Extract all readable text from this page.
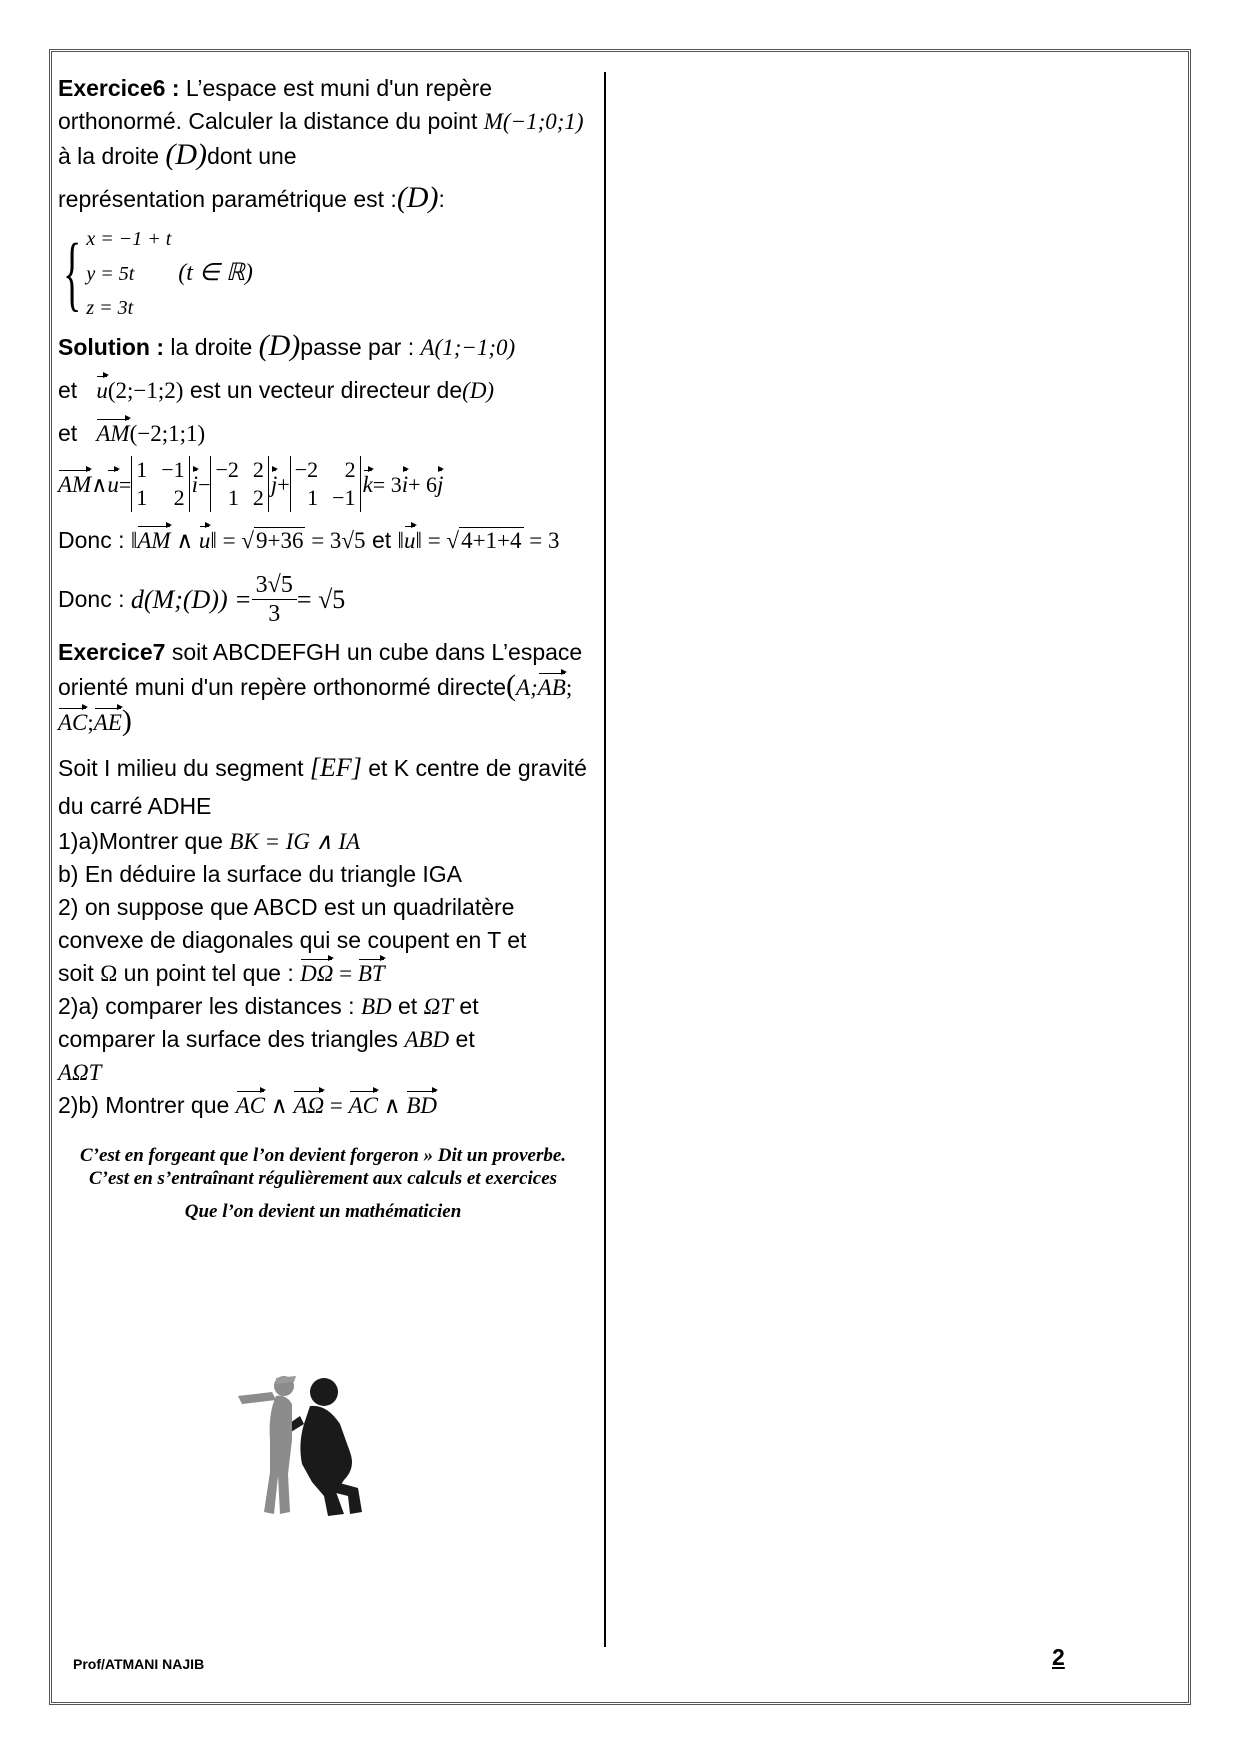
Exercice6 : L’espace est muni d'un repère orthonormé. Calculer la distance du point M(−1;0;1) à la droite (D)dont une

représentation paramétrique est :(D):

{ x = −1 + t
y = 5t (t ∈ ℝ)
z = 3t

Solution : la droite (D)passe par : A(1;−1;0)

et u(2;−1;2) est un vecteur directeur de(D)

et AM(−2;1;1)

AM ∧ u =
1 −1
1	2
i −
−2 2
1 2
j +
−2	2
1 −1
k = 3 i + 6 j

Donc : ‖AM ∧ u‖ = √9+36 = 3√5 et ‖u‖ = √4+1+4 = 3

Donc :
d(M;(D)) = $\frac{3√5}{3} = √5$

Exercice7 soit ABCDEFGH un cube dans L’espace orienté muni d'un repère orthonormé directe(A;AB;AC;AE)

Soit I milieu du segment [EF] et K centre de gravité du carré ADHE

1)a)Montrer que BK = IG ∧ IA

b) En déduire la surface du triangle IGA

2) on suppose que ABCD est un quadrilatère convexe de diagonales qui se coupent en T et

soit Ω un point tel que : DΩ = BT

2)a) comparer les distances : BD et ΩT et
comparer la surface des triangles ABD et
AΩT

2)b) Montrer que AC ∧ AΩ = AC ∧ BD

C’est en forgeant que l’on devient forgeron » Dit un proverbe.
C’est en s’entraînant régulièrement aux calculs et exercices
Que l’on devient un mathématicien
Prof/ATMANI NAJIB	2
